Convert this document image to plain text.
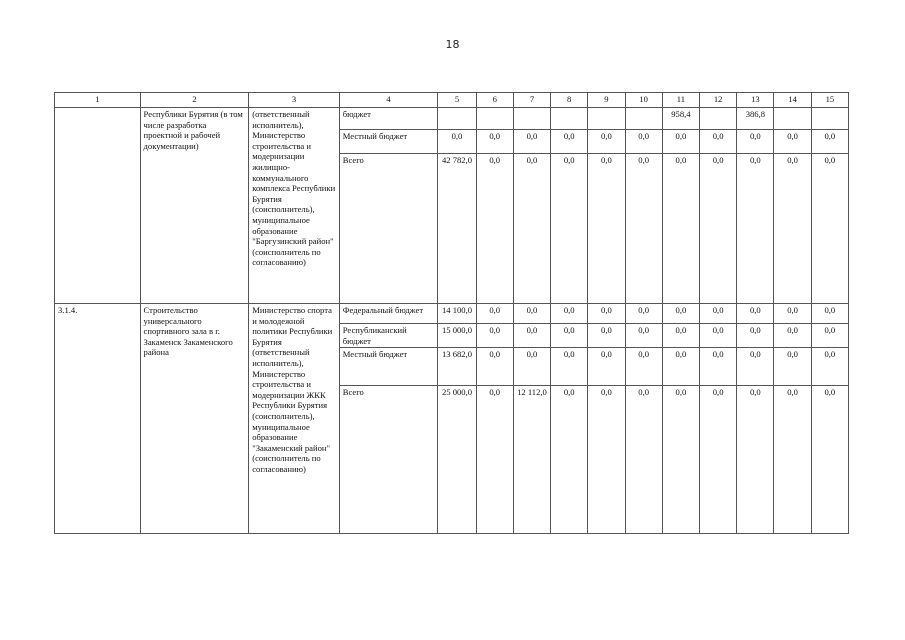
18
1	2	3	4	5	6	7	8	9	10	11	12	13	14	15
	Республики Бурятия (в том числе разработка проектной и рабочей документации)	(ответственный исполнитель), Министерство строительства и модернизации жилищно-коммунального комплекса Республики Бурятия (соисполнитель), муниципальное образование "Баргузинский район" (соисполнитель по согласованию)	бюджет							958,4		386,8		
			Местный бюджет	0,0	0,0	0,0	0,0	0,0	0,0	0,0	0,0	0,0	0,0	0,0
			Всего	42 782,0	0,0	0,0	0,0	0,0	0,0	0,0	0,0	0,0	0,0	0,0
3.1.4.	Строительство универсального спортивного зала в г. Закаменск Закаменского района	Министерство спорта и молодежной политики Республики Бурятия (ответственный исполнитель), Министерство строительства и модернизации ЖКК Республики Бурятия (соисполнитель), муниципальное образование "Закаменский район" (соисполнитель по согласованию)	Федеральный бюджет	14 100,0	0,0	0,0	0,0	0,0	0,0	0,0	0,0	0,0	0,0	0,0
			Республиканский бюджет	15 000,0	0,0	0,0	0,0	0,0	0,0	0,0	0,0	0,0	0,0	0,0
			Местный бюджет	13 682,0	0,0	0,0	0,0	0,0	0,0	0,0	0,0	0,0	0,0	0,0
			Всего	25 000,0	0,0	12 112,0	0,0	0,0	0,0	0,0	0,0	0,0	0,0	0,0
